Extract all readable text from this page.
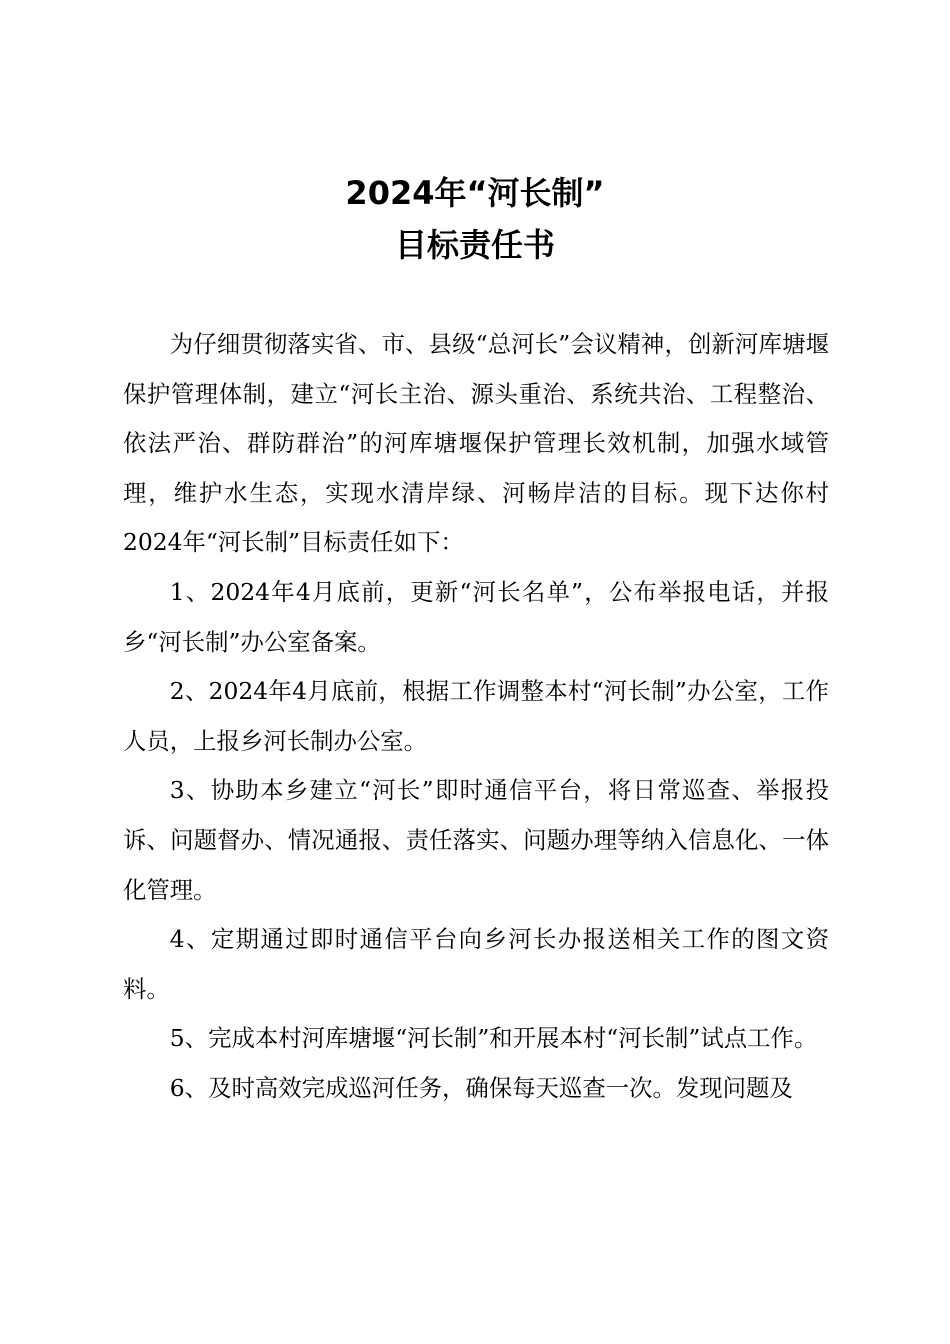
2024年“河长制”
目标责任书

为仔细贯彻落实省、市、县级“总河长”会议精神，创新河库塘堰保护管理体制，建立“河长主治、源头重治、系统共治、工程整治、依法严治、群防群治”的河库塘堰保护管理长效机制，加强水域管理，维护水生态，实现水清岸绿、河畅岸洁的目标。现下达你村2024年“河长制”目标责任如下：

1、2024年4月底前，更新“河长名单”，公布举报电话，并报乡“河长制”办公室备案。

2、2024年4月底前，根据工作调整本村“河长制”办公室，工作人员，上报乡河长制办公室。

3、协助本乡建立“河长”即时通信平台，将日常巡查、举报投诉、问题督办、情况通报、责任落实、问题办理等纳入信息化、一体化管理。

4、定期通过即时通信平台向乡河长办报送相关工作的图文资料。

5、完成本村河库塘堰“河长制”和开展本村“河长制”试点工作。

6、及时高效完成巡河任务，确保每天巡查一次。发现问题及
